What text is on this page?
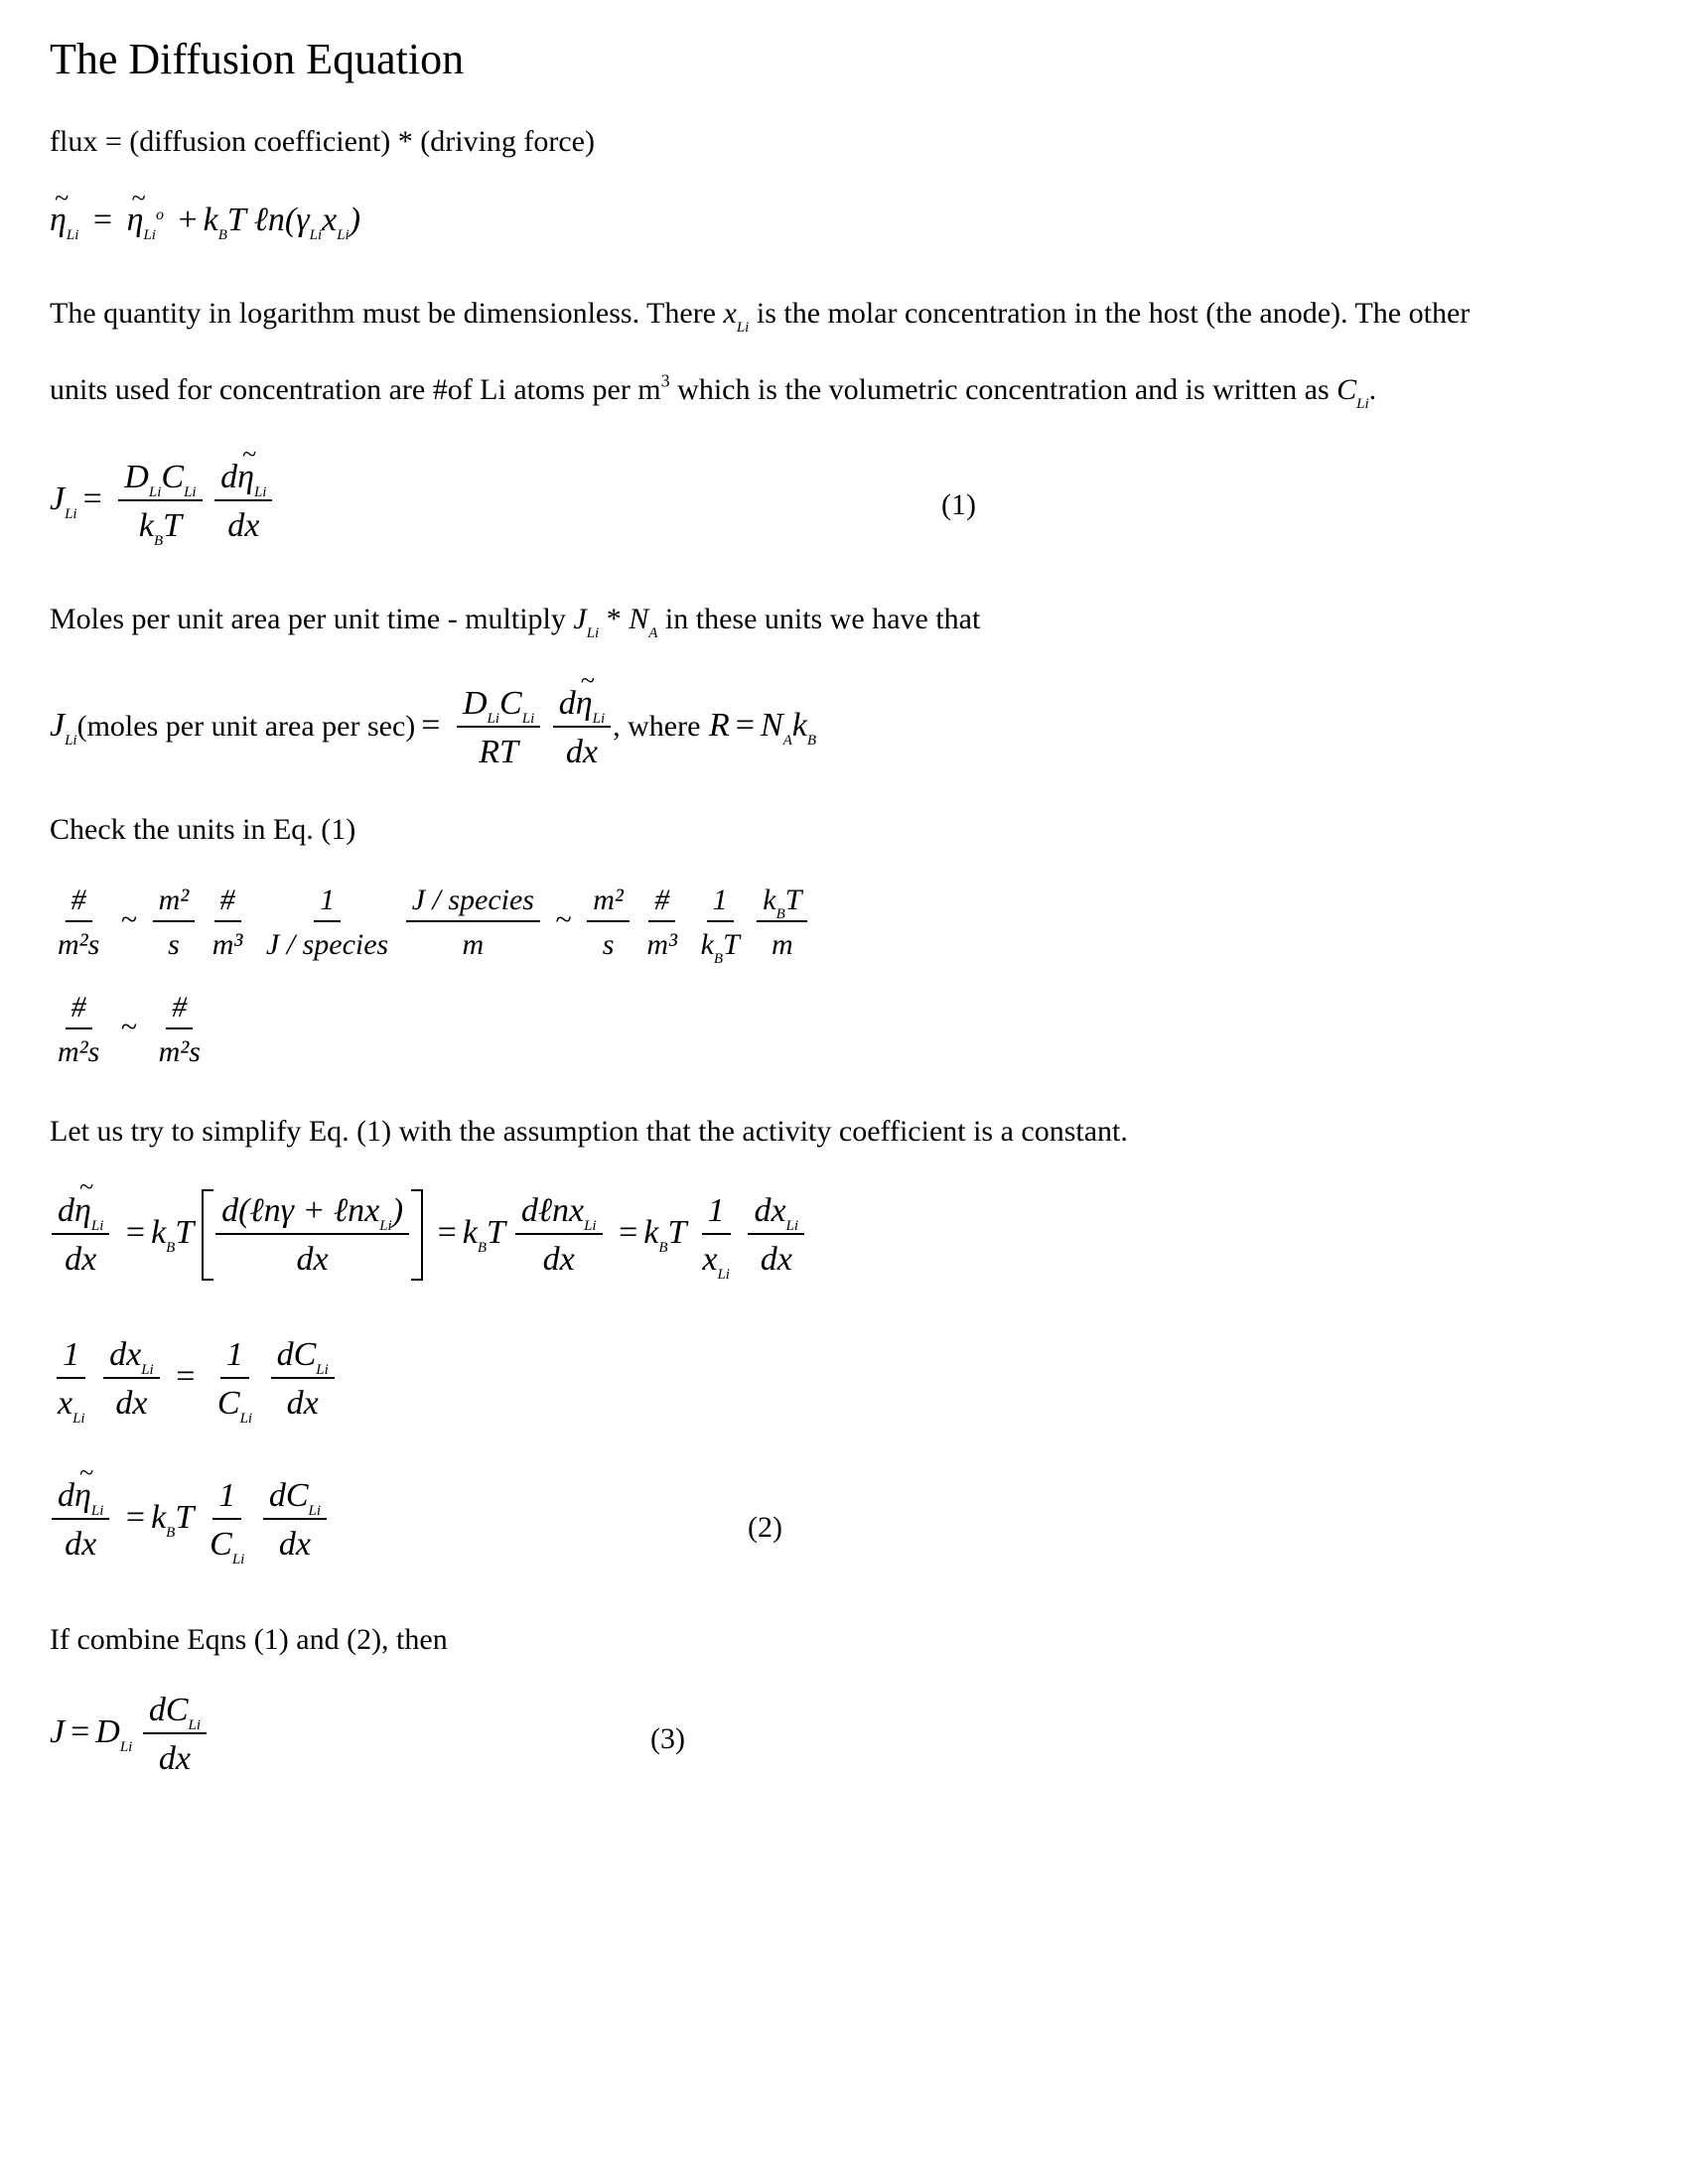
The Diffusion Equation
flux = (diffusion coefficient) * (driving force)
~ $\eta_{Li}$ = ~ $\eta_{Li}^o + k_BT$ $\ell n(\gamma_{Li}x_{Li})$
The quantity in logarithm must be dimensionless. There $x_{Li}$ is the molar concentration in the host (the anode). The other
units used for concentration are #of Li atoms per $m^3$ which is the volumetric concentration and is written as $C_{Li}$.
$J_{Li} = \frac{D_{Li}C_{Li}}{k_BT}$
$\frac{d\sim \eta_{Li}}{dx}$	(1)
Moles per unit area per unit time - multiply $J_{Li} * N_A$ in these units we have that
$J_{Li}(moles$ per unit area per $\sec) = \frac{D_{Li}C_{Li}}{RT}$
$\frac{d\sim \eta_{Li}}{dx}$ , where $R = N_Ak_B$
Check the units in Eq. (1)
$\frac{\#}{\text{m²s}}$ ~ $\frac{\text{m²}}{s}$
$\frac{\#}{\text{m³}}$
$\frac{1}{\text{J / species}}$
$\frac{\text{J / species}}{m}$ ~ $\frac{\text{m²}}{s}$
$\frac{\#}{\text{m³}}$
$\frac{1}{k_BT}$
$\frac{k_BT}{m}$
$\frac{\#}{\text{m²s}}$ ~ $\frac{\#}{\text{m²s}}$
Let us try to simplify Eq. (1) with the assumption that the activity coefficient is a constant.
$\frac{d\sim \eta_{Li}}{dx} = k_BT \frac{d(\ell n\gamma + \ell nx_{Li})}{dx} = k_BT \frac{d\ell nx_{Li}}{dx} = k_BT \frac{1}{x_{Li}}$
$\frac{dx_{Li}}{dx}$
$\frac{1}{x_{Li}}$
$\frac{dx_{Li}}{dx} = \frac{1}{C_{Li}}$
$\frac{dC_{Li}}{dx}$
$\frac{d\sim \eta_{Li}}{dx} = k_BT \frac{1}{C_{Li}}$
$\frac{dC_{Li}}{dx}$	(2)
If combine Eqns (1) and (2), then
$J = D_{Li} \frac{dC_{Li}}{dx}$	(3)
